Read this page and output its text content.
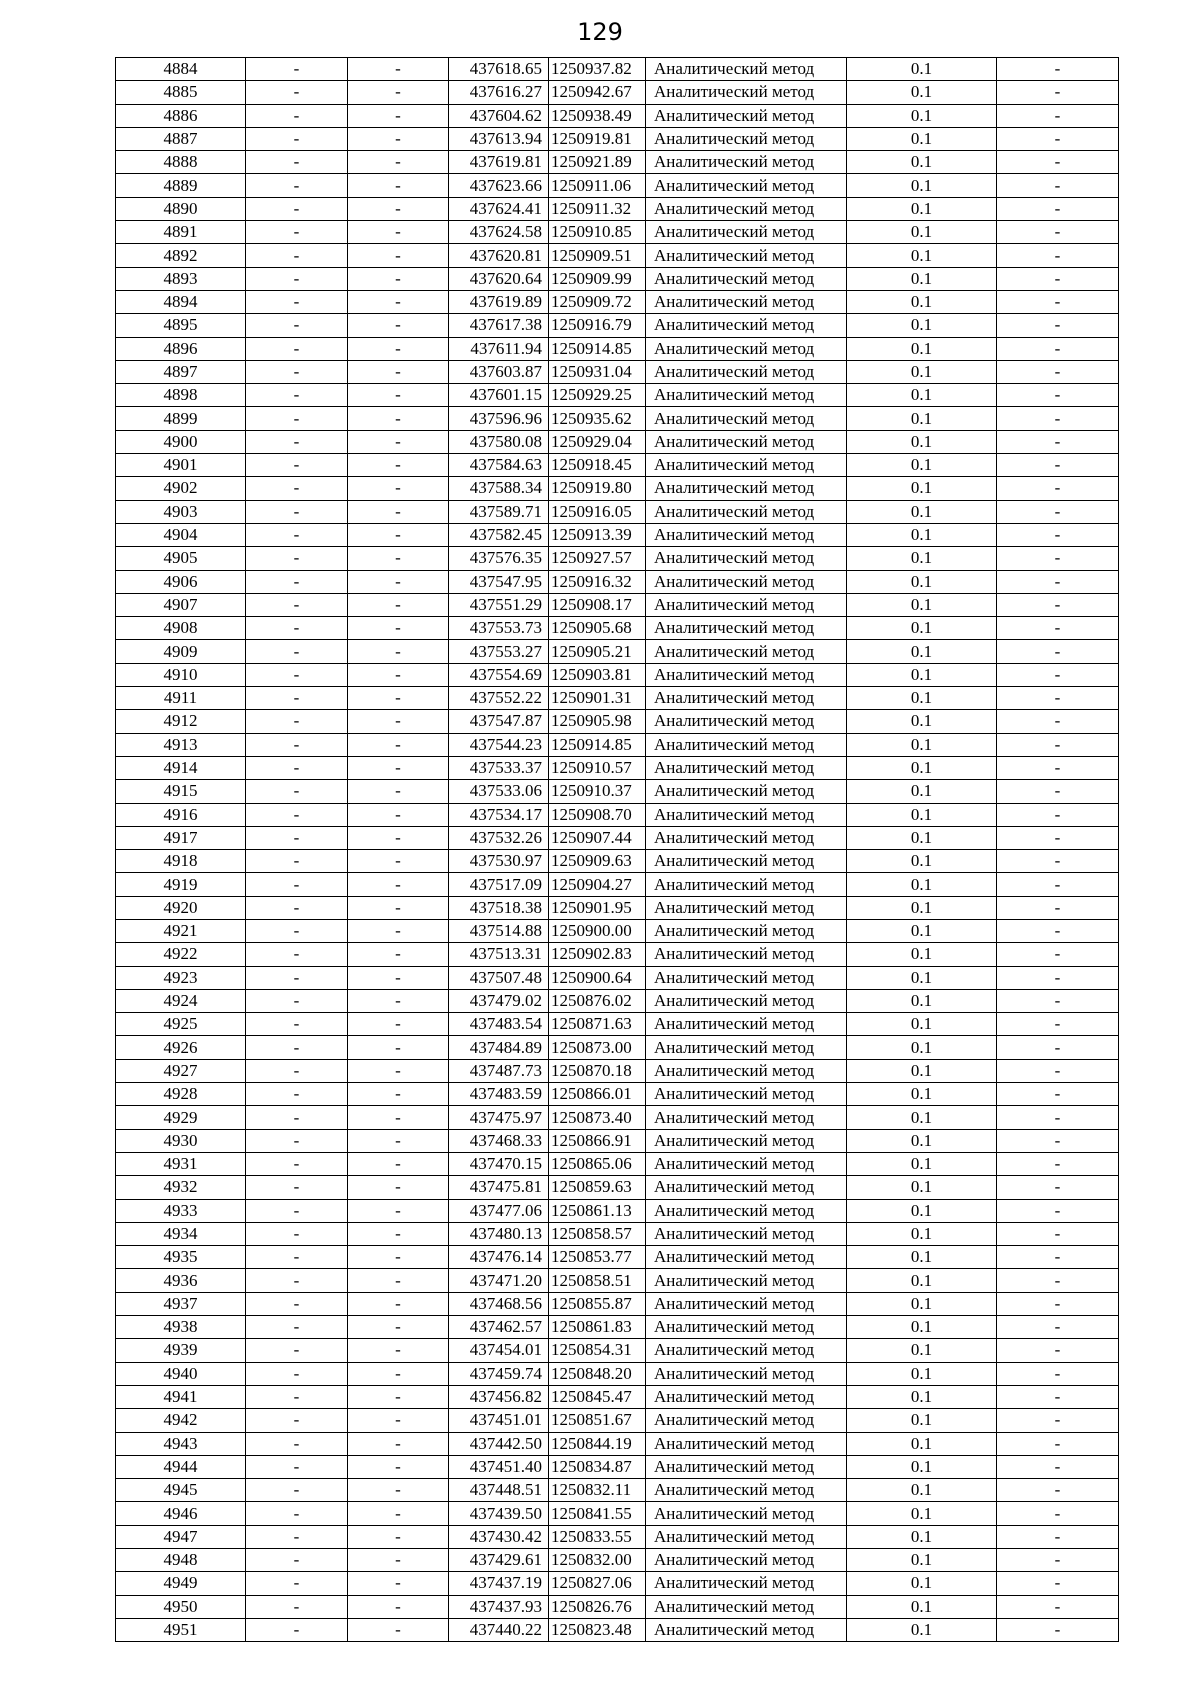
129
4884	-	-	437618.65	1250937.82	Аналитический метод	0.1	-
4885	-	-	437616.27	1250942.67	Аналитический метод	0.1	-
4886	-	-	437604.62	1250938.49	Аналитический метод	0.1	-
4887	-	-	437613.94	1250919.81	Аналитический метод	0.1	-
4888	-	-	437619.81	1250921.89	Аналитический метод	0.1	-
4889	-	-	437623.66	1250911.06	Аналитический метод	0.1	-
4890	-	-	437624.41	1250911.32	Аналитический метод	0.1	-
4891	-	-	437624.58	1250910.85	Аналитический метод	0.1	-
4892	-	-	437620.81	1250909.51	Аналитический метод	0.1	-
4893	-	-	437620.64	1250909.99	Аналитический метод	0.1	-
4894	-	-	437619.89	1250909.72	Аналитический метод	0.1	-
4895	-	-	437617.38	1250916.79	Аналитический метод	0.1	-
4896	-	-	437611.94	1250914.85	Аналитический метод	0.1	-
4897	-	-	437603.87	1250931.04	Аналитический метод	0.1	-
4898	-	-	437601.15	1250929.25	Аналитический метод	0.1	-
4899	-	-	437596.96	1250935.62	Аналитический метод	0.1	-
4900	-	-	437580.08	1250929.04	Аналитический метод	0.1	-
4901	-	-	437584.63	1250918.45	Аналитический метод	0.1	-
4902	-	-	437588.34	1250919.80	Аналитический метод	0.1	-
4903	-	-	437589.71	1250916.05	Аналитический метод	0.1	-
4904	-	-	437582.45	1250913.39	Аналитический метод	0.1	-
4905	-	-	437576.35	1250927.57	Аналитический метод	0.1	-
4906	-	-	437547.95	1250916.32	Аналитический метод	0.1	-
4907	-	-	437551.29	1250908.17	Аналитический метод	0.1	-
4908	-	-	437553.73	1250905.68	Аналитический метод	0.1	-
4909	-	-	437553.27	1250905.21	Аналитический метод	0.1	-
4910	-	-	437554.69	1250903.81	Аналитический метод	0.1	-
4911	-	-	437552.22	1250901.31	Аналитический метод	0.1	-
4912	-	-	437547.87	1250905.98	Аналитический метод	0.1	-
4913	-	-	437544.23	1250914.85	Аналитический метод	0.1	-
4914	-	-	437533.37	1250910.57	Аналитический метод	0.1	-
4915	-	-	437533.06	1250910.37	Аналитический метод	0.1	-
4916	-	-	437534.17	1250908.70	Аналитический метод	0.1	-
4917	-	-	437532.26	1250907.44	Аналитический метод	0.1	-
4918	-	-	437530.97	1250909.63	Аналитический метод	0.1	-
4919	-	-	437517.09	1250904.27	Аналитический метод	0.1	-
4920	-	-	437518.38	1250901.95	Аналитический метод	0.1	-
4921	-	-	437514.88	1250900.00	Аналитический метод	0.1	-
4922	-	-	437513.31	1250902.83	Аналитический метод	0.1	-
4923	-	-	437507.48	1250900.64	Аналитический метод	0.1	-
4924	-	-	437479.02	1250876.02	Аналитический метод	0.1	-
4925	-	-	437483.54	1250871.63	Аналитический метод	0.1	-
4926	-	-	437484.89	1250873.00	Аналитический метод	0.1	-
4927	-	-	437487.73	1250870.18	Аналитический метод	0.1	-
4928	-	-	437483.59	1250866.01	Аналитический метод	0.1	-
4929	-	-	437475.97	1250873.40	Аналитический метод	0.1	-
4930	-	-	437468.33	1250866.91	Аналитический метод	0.1	-
4931	-	-	437470.15	1250865.06	Аналитический метод	0.1	-
4932	-	-	437475.81	1250859.63	Аналитический метод	0.1	-
4933	-	-	437477.06	1250861.13	Аналитический метод	0.1	-
4934	-	-	437480.13	1250858.57	Аналитический метод	0.1	-
4935	-	-	437476.14	1250853.77	Аналитический метод	0.1	-
4936	-	-	437471.20	1250858.51	Аналитический метод	0.1	-
4937	-	-	437468.56	1250855.87	Аналитический метод	0.1	-
4938	-	-	437462.57	1250861.83	Аналитический метод	0.1	-
4939	-	-	437454.01	1250854.31	Аналитический метод	0.1	-
4940	-	-	437459.74	1250848.20	Аналитический метод	0.1	-
4941	-	-	437456.82	1250845.47	Аналитический метод	0.1	-
4942	-	-	437451.01	1250851.67	Аналитический метод	0.1	-
4943	-	-	437442.50	1250844.19	Аналитический метод	0.1	-
4944	-	-	437451.40	1250834.87	Аналитический метод	0.1	-
4945	-	-	437448.51	1250832.11	Аналитический метод	0.1	-
4946	-	-	437439.50	1250841.55	Аналитический метод	0.1	-
4947	-	-	437430.42	1250833.55	Аналитический метод	0.1	-
4948	-	-	437429.61	1250832.00	Аналитический метод	0.1	-
4949	-	-	437437.19	1250827.06	Аналитический метод	0.1	-
4950	-	-	437437.93	1250826.76	Аналитический метод	0.1	-
4951	-	-	437440.22	1250823.48	Аналитический метод	0.1	-
